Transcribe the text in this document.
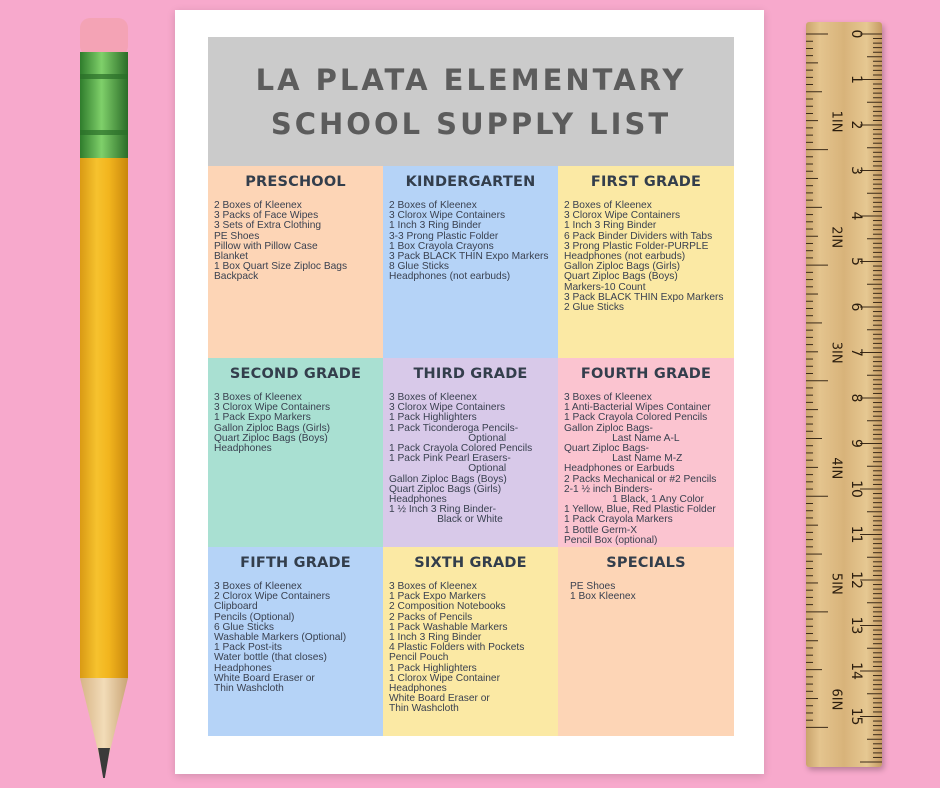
0
1
2
3
4
5
6
7
8
9
10
11
12
13
14
15
1IN
2IN
3IN
4IN
5IN
6IN
LA PLATA ELEMENTARY
SCHOOL SUPPLY LIST
PRESCHOOL
2 Boxes of Kleenex
3 Packs of Face Wipes
3 Sets of Extra Clothing
PE Shoes
Pillow with Pillow Case
Blanket
1 Box Quart Size Ziploc Bags
Backpack
KINDERGARTEN
2 Boxes of Kleenex
3 Clorox Wipe Containers
1 Inch 3 Ring Binder
3-3 Prong Plastic Folder
1 Box Crayola Crayons
3 Pack BLACK THIN Expo Markers
8 Glue Sticks
Headphones (not earbuds)
FIRST GRADE
2 Boxes of Kleenex
3 Clorox Wipe Containers
1 Inch 3 Ring Binder
6 Pack Binder Dividers with Tabs
3 Prong Plastic Folder-PURPLE
Headphones (not earbuds)
Gallon Ziploc Bags (Girls)
Quart Ziploc Bags (Boys)
Markers-10 Count
3 Pack BLACK THIN Expo Markers
2 Glue Sticks
SECOND GRADE
3 Boxes of Kleenex
3 Clorox Wipe Containers
1 Pack Expo Markers
Gallon Ziploc Bags (Girls)
Quart Ziploc Bags (Boys)
Headphones
THIRD GRADE
3 Boxes of Kleenex
3 Clorox Wipe Containers
1 Pack Highlighters
1 Pack Ticonderoga Pencils-
Optional
1 Pack Crayola Colored Pencils
1 Pack Pink Pearl Erasers-
Optional
Gallon Ziploc Bags (Boys)
Quart Ziploc Bags (Girls)
Headphones
1 ½ Inch 3 Ring Binder-
Black or White
FOURTH GRADE
3 Boxes of Kleenex
1 Anti-Bacterial Wipes Container
1 Pack Crayola Colored Pencils
Gallon Ziploc Bags-
Last Name A-L
Quart Ziploc Bags-
Last Name M-Z
Headphones or Earbuds
2 Packs Mechanical or #2 Pencils
2-1 ½ inch Binders-
1 Black, 1 Any Color
1 Yellow, Blue, Red Plastic Folder
1 Pack Crayola Markers
1 Bottle Germ-X
Pencil Box (optional)
FIFTH GRADE
3 Boxes of Kleenex
2 Clorox Wipe Containers
Clipboard
Pencils (Optional)
6 Glue Sticks
Washable Markers (Optional)
1 Pack Post-its
Water bottle (that closes)
Headphones
White Board Eraser or
Thin Washcloth
SIXTH GRADE
3 Boxes of Kleenex
1 Pack Expo Markers
2 Composition Notebooks
2 Packs of Pencils
1 Pack Washable Markers
1 Inch 3 Ring Binder
4 Plastic Folders with Pockets
Pencil Pouch
1 Pack Highlighters
1 Clorox Wipe Container
Headphones
White Board Eraser or
Thin Washcloth
SPECIALS
PE Shoes
1 Box Kleenex
